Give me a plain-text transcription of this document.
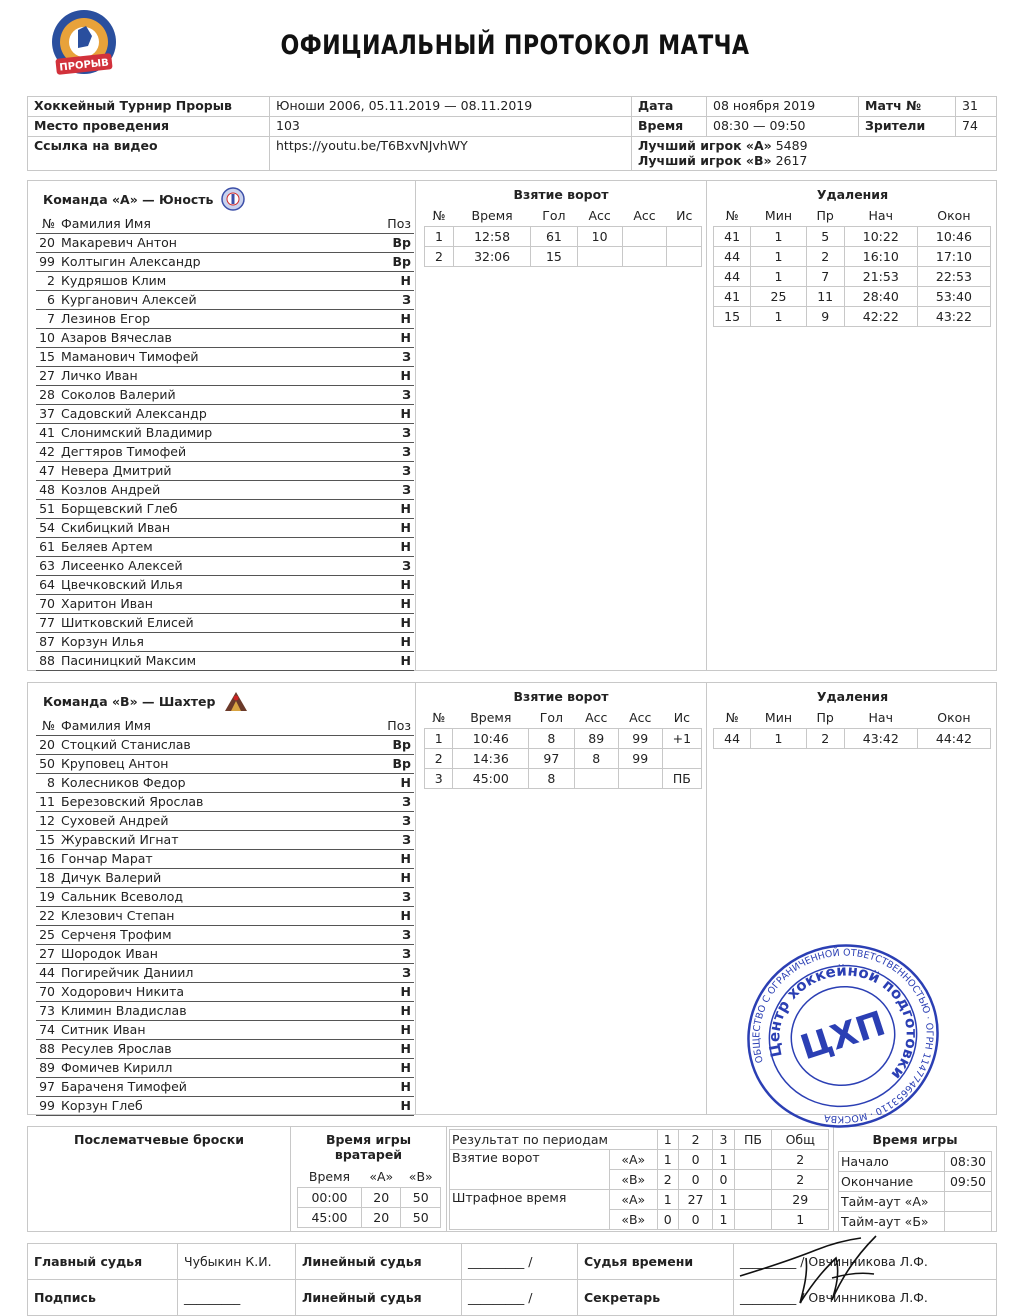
ПРОРЫВ
ОФИЦИАЛЬНЫЙ ПРОТОКОЛ МАТЧА
Хоккейный Турнир Прорыв	Юноши 2006, 05.11.2019 — 08.11.2019	Дата	08 ноября 2019	Матч №	31
Место проведения	103	Время	08:30 — 09:50	Зрители	74
Ссылка на видео	https://youtu.be/T6BxvNJvhWY	Лучший игрок «А» 5489
Лучший игрок «В» 2617			
Команда «А» — Юность
№	Фамилия Имя	Поз
20	Макаревич Антон	Вр
99	Колтыгин Александр	Вр
2	Кудряшов Клим	Н
6	Курганович Алексей	З
7	Лезинов Егор	Н
10	Азаров Вячеслав	Н
15	Маманович Тимофей	З
27	Личко Иван	Н
28	Соколов Валерий	З
37	Садовский Александр	Н
41	Слонимский Владимир	З
42	Дегтяров Тимофей	З
47	Невера Дмитрий	З
48	Козлов Андрей	З
51	Борщевский Глеб	Н
54	Скибицкий Иван	Н
61	Беляев Артем	Н
63	Лисеенко Алексей	З
64	Цвечковский Илья	Н
70	Харитон Иван	Н
77	Шитковский Елисей	Н
87	Корзун Илья	Н
88	Пасиницкий Максим	Н
Взятие ворот
№	Время	Гол	Асс	Асс	Ис
1	12:58	61	10		
2	32:06	15			
Удаления
№	Мин	Пр	Нач	Окон
41	1	5	10:22	10:46
44	1	2	16:10	17:10
44	1	7	21:53	22:53
41	25	11	28:40	53:40
15	1	9	42:22	43:22
Команда «В» — Шахтер
№	Фамилия Имя	Поз
20	Стоцкий Станислав	Вр
50	Круповец Антон	Вр
8	Колесников Федор	Н
11	Березовский Ярослав	З
12	Суховей Андрей	З
15	Журавский Игнат	З
16	Гончар Марат	Н
18	Дичук Валерий	Н
19	Сальник Всеволод	З
22	Клезович Степан	Н
25	Серченя Трофим	З
27	Шородок Иван	З
44	Погирейчик Даниил	З
70	Ходорович Никита	Н
73	Климин Владислав	Н
74	Ситник Иван	Н
88	Ресулев Ярослав	Н
89	Фомичев Кирилл	Н
97	Бараченя Тимофей	Н
99	Корзун Глеб	Н
Взятие ворот
№	Время	Гол	Асс	Асс	Ис
1	10:46	8	89	99	+1
2	14:36	97	8	99	
3	45:00	8			ПБ
Удаления
№	Мин	Пр	Нач	Окон
44	1	2	43:42	44:42
Послематчевые броски	Время игры вратарей
Время	«А»	«В»
00:00	20	50
45:00	20	50
Результат по периодам		1	2	3	ПБ	Общ
Взятие ворот	«А»	1	0	1		2
	«В»	2	0	0		2
Штрафное время	«А»	1	27	1		29
	«В»	0	0	1		1
Время игры
Начало	08:30
Окончание	09:50
Тайм-аут «А»	
Тайм-аут «Б»	
Главный судья	Чубыкин К.И.	Линейный судья	_________ /	Судья времени	_________ / Овчинникова Л.Ф.
Подпись	_________	Линейный судья	_________ /	Секретарь	_________ / Овчинникова Л.Ф.
ОБЩЕСТВО С ОГРАНИЧЕННОЙ ОТВЕТСТВЕННОСТЬЮ · ОГРН 1147746653110 · МОСКВА
Центр хоккейной подготовки
ЦХП
